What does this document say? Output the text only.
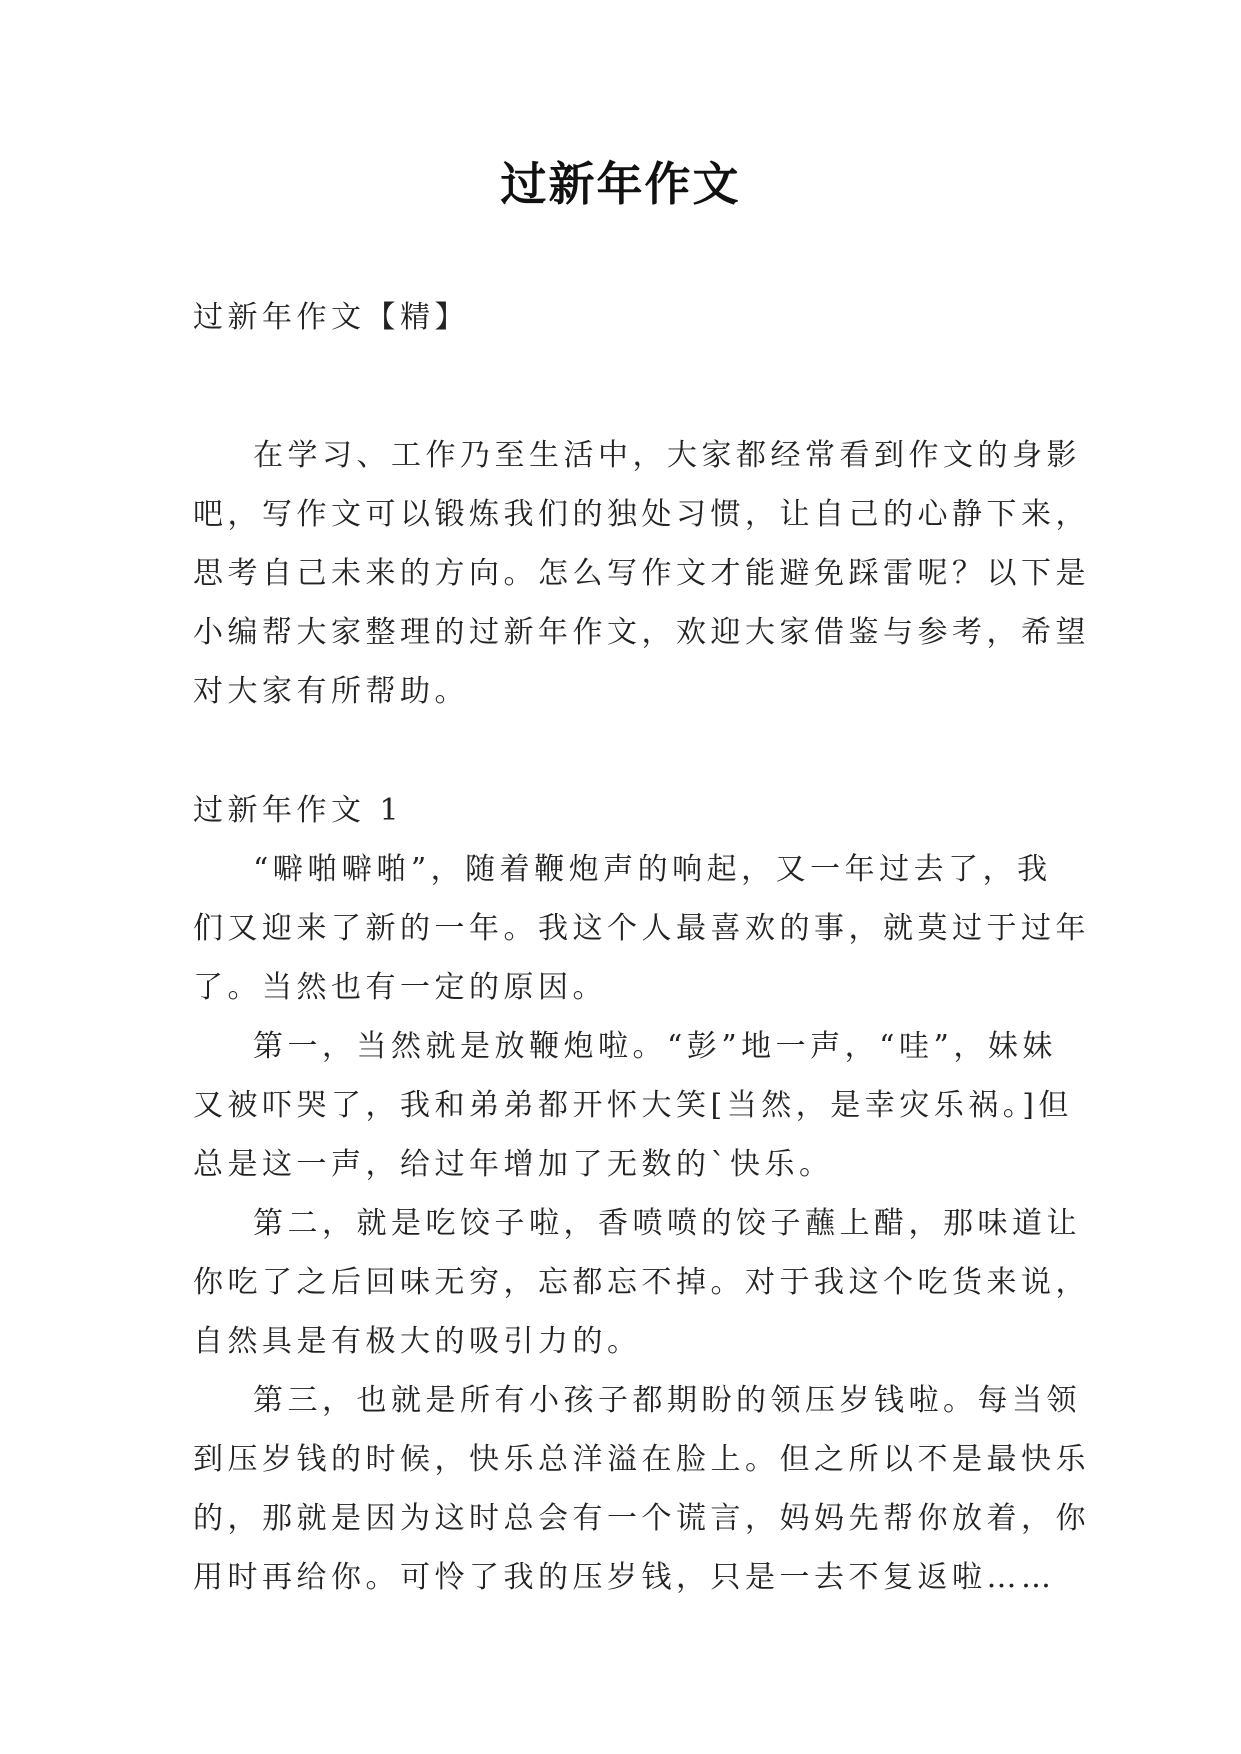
过新年作文

过新年作文【精】

在学习、工作乃至生活中，大家都经常看到作文的身影
吧，写作文可以锻炼我们的独处习惯，让自己的心静下来，
思考自己未来的方向。怎么写作文才能避免踩雷呢？以下是
小编帮大家整理的过新年作文，欢迎大家借鉴与参考，希望
对大家有所帮助。

过新年作文 1

“噼啪噼啪”，随着鞭炮声的响起，又一年过去了，我
们又迎来了新的一年。我这个人最喜欢的事，就莫过于过年
了。当然也有一定的原因。

第一，当然就是放鞭炮啦。“彭”地一声，“哇”，妹妹
又被吓哭了，我和弟弟都开怀大笑[当然，是幸灾乐祸。]但
总是这一声，给过年增加了无数的`快乐。

第二，就是吃饺子啦，香喷喷的饺子蘸上醋，那味道让
你吃了之后回味无穷，忘都忘不掉。对于我这个吃货来说，
自然具是有极大的吸引力的。

第三，也就是所有小孩子都期盼的领压岁钱啦。每当领
到压岁钱的时候，快乐总洋溢在脸上。但之所以不是最快乐
的，那就是因为这时总会有一个谎言，妈妈先帮你放着，你
用时再给你。可怜了我的压岁钱，只是一去不复返啦……
